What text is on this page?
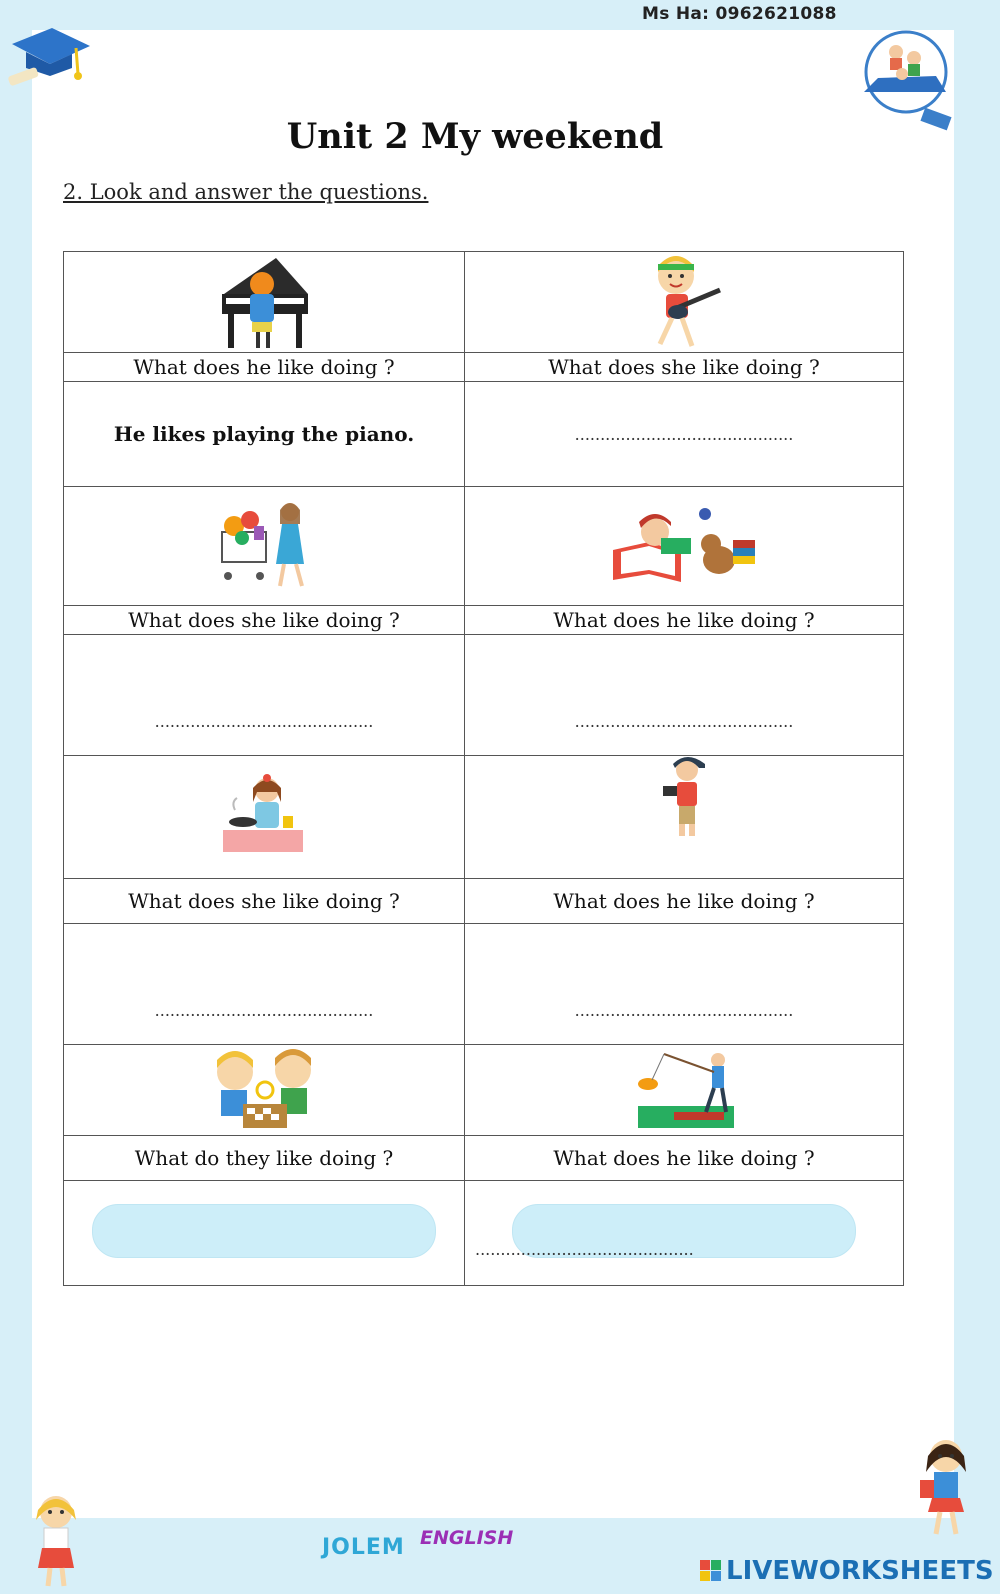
Ms Ha: 0962621088
Unit 2 My weekend
2. Look and answer the questions.

What does he like doing ?	What does she like doing ?
He likes playing the piano.	...........................................

What does she like doing ?	What does he like doing ?
...........................................	...........................................

What does she like doing ?	What does he like doing ?
...........................................	...........................................

What do they like doing ?	What does he like doing ?

	...........................................
JOLEM ENGLISH
LIVEWORKSHEETS
